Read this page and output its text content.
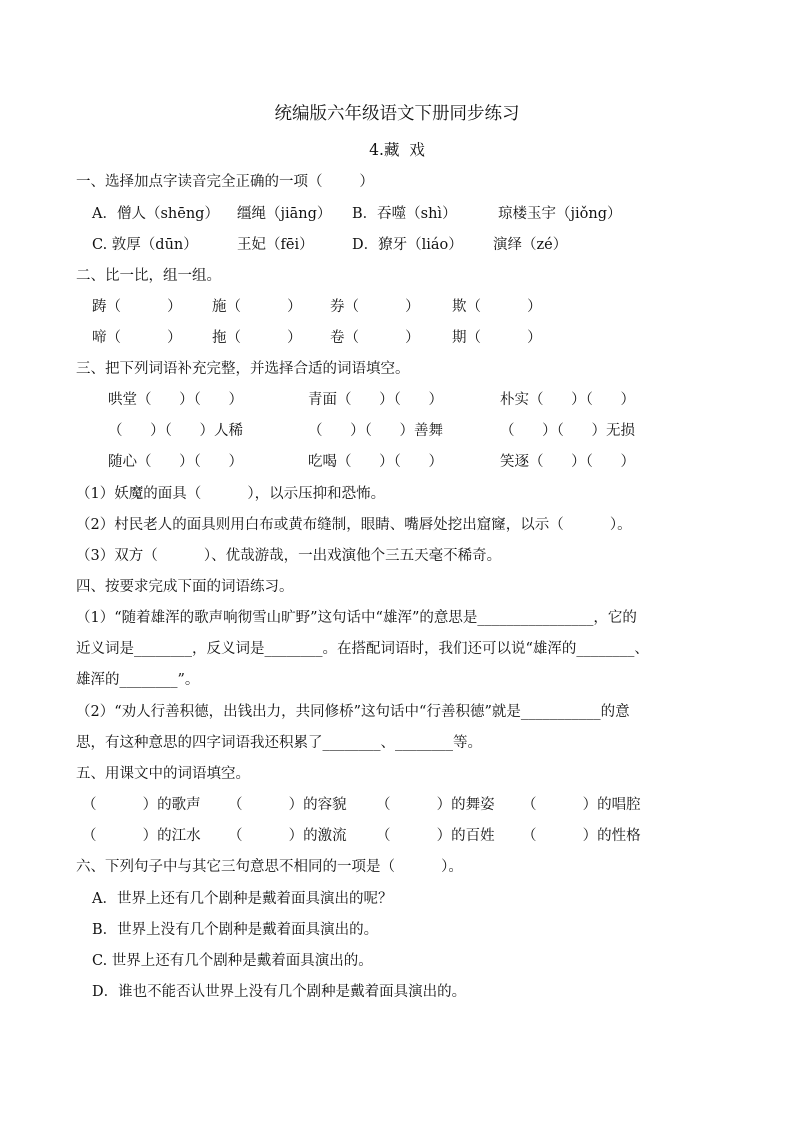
统编版六年级语文下册同步练习
4.藏  戏
一、选择加点字读音完全正确的一项（        ）
A．僧人（shēng） 缰绳（jiāng） B．吞噬（shì）	琼楼玉宇（jiǒng）
C. 敦厚（dūn）	王妃（fēi）	D．獠牙（liáo） 演绎（zé）
二、比一比，组一组。
踌（          ） 施（          ） 券（          ） 欺（          ）
啼（          ） 拖（          ） 卷（          ） 期（          ）
三、把下列词语补充完整，并选择合适的词语填空。
哄堂（      ）（      ）	青面（      ）（      ）	朴实（      ）（      ）
（      ）（      ）人稀	（      ）（      ）善舞	（      ）（      ）无损
随心（      ）（      ）	吃喝（      ）（      ）	笑逐（      ）（      ）
（1）妖魔的面具（          ），以示压抑和恐怖。
（2）村民老人的面具则用白布或黄布缝制，眼睛、嘴唇处挖出窟窿，以示（          ）。
（3）双方（          ）、优哉游哉，一出戏演他个三五天毫不稀奇。
四、按要求完成下面的词语练习。
（1）“随着雄浑的歌声响彻雪山旷野”这句话中“雄浑”的意思是________________，它的
近义词是________，反义词是________。在搭配词语时，我们还可以说“雄浑的________、
雄浑的________”。
（2）“劝人行善积德，出钱出力，共同修桥”这句话中“行善积德”就是___________的意
思，有这种意思的四字词语我还积累了________、________等。
五、用课文中的词语填空。
（          ）的歌声 （          ）的容貌 （          ）的舞姿 （          ）的唱腔
（          ）的江水 （          ）的激流 （          ）的百姓 （          ）的性格
六、下列句子中与其它三句意思不相同的一项是（          ）。
A．世界上还有几个剧种是戴着面具演出的呢？
B．世界上没有几个剧种是戴着面具演出的。
C. 世界上还有几个剧种是戴着面具演出的。
D．谁也不能否认世界上没有几个剧种是戴着面具演出的。
